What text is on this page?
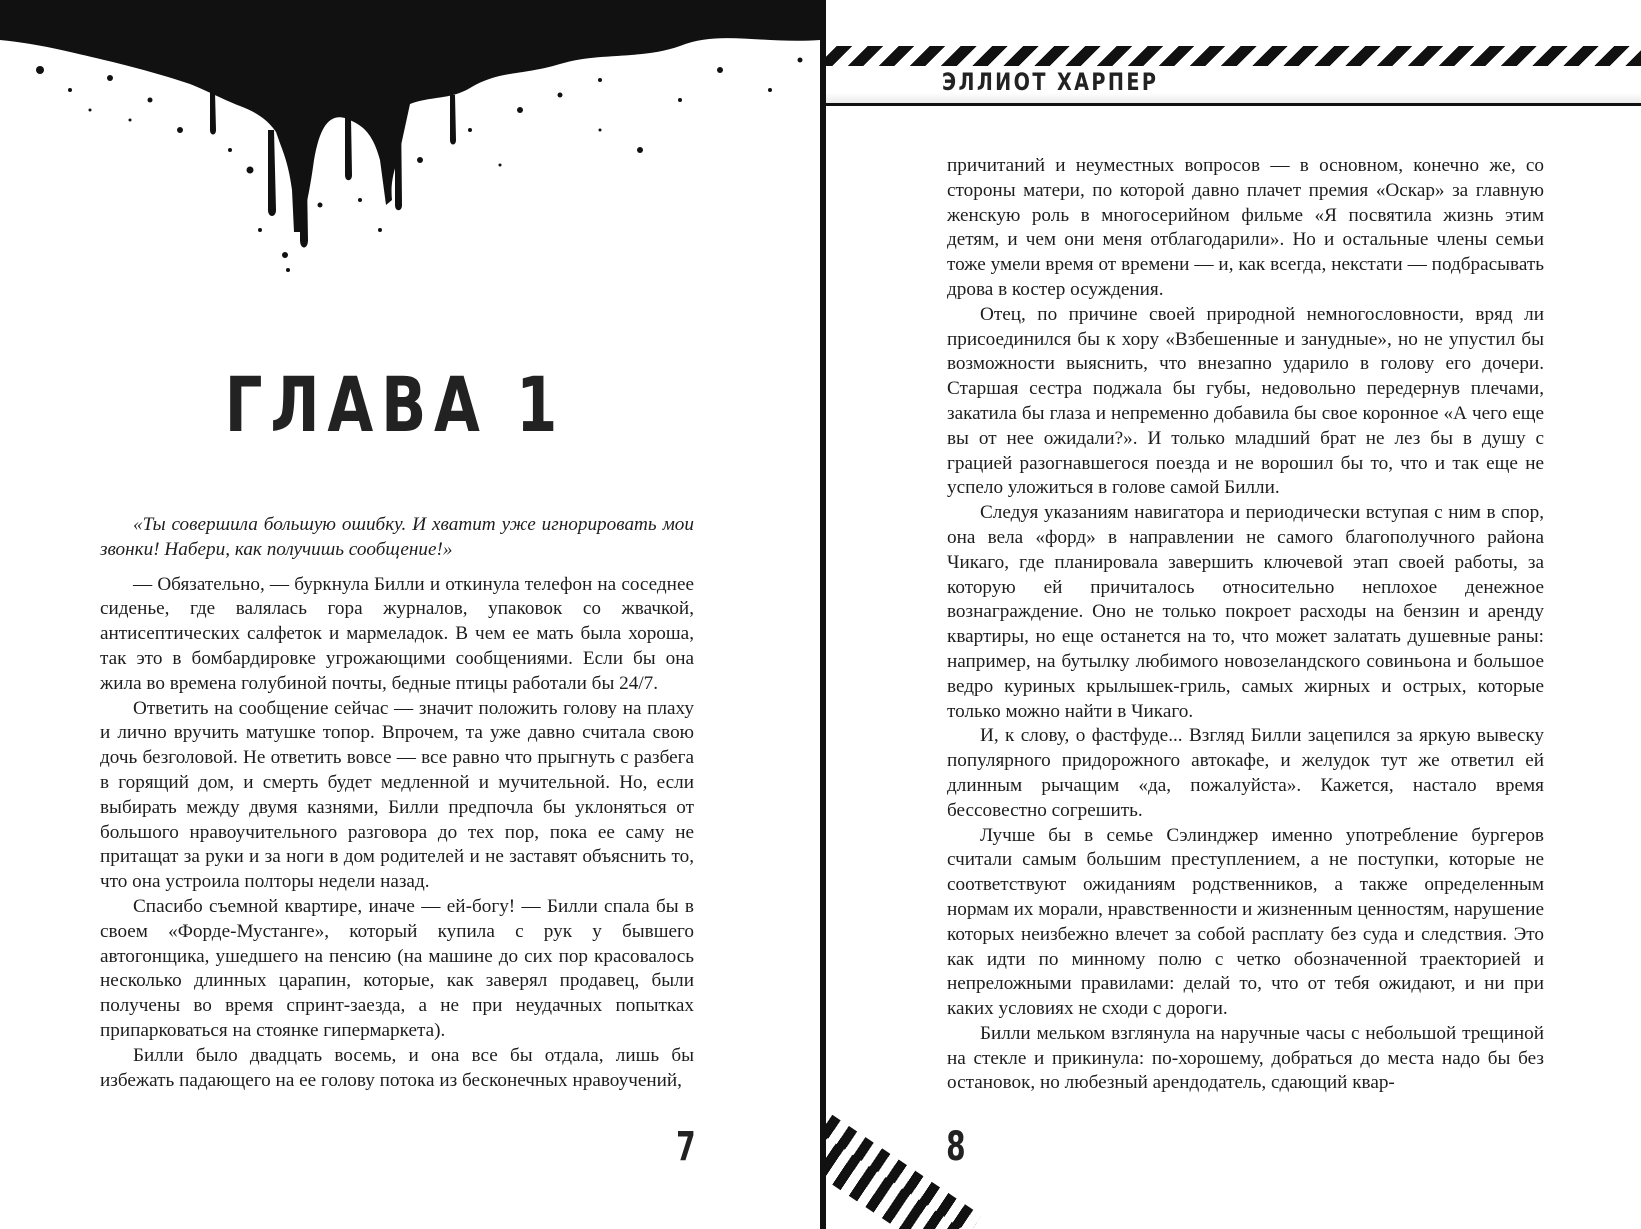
ГЛАВА 1

«Ты совершила большую ошибку. И хватит уже игнорировать мои звонки! Набери, как получишь сообщение!»

— Обязательно, — буркнула Билли и откинула телефон на соседнее сиденье, где валялась гора журналов, упаковок со жвачкой, антисептических салфеток и мармеладок. В чем ее мать была хороша, так это в бомбардировке угрожающими сообщениями. Если бы она жила во времена голубиной почты, бедные птицы работали бы 24/7.

Ответить на сообщение сейчас — значит положить голову на плаху и лично вручить матушке топор. Впрочем, та уже давно считала свою дочь безголовой. Не ответить вовсе — все равно что прыгнуть с разбега в горящий дом, и смерть будет медленной и мучительной. Но, если выбирать между двумя казнями, Билли предпочла бы уклоняться от большого нравоучительного разговора до тех пор, пока ее саму не притащат за руки и за ноги в дом родителей и не заставят объяснить то, что она устроила полторы недели назад.

Спасибо съемной квартире, иначе — ей-богу! — Билли спала бы в своем «Форде-Мустанге», который купила с рук у бывшего автогонщика, ушедшего на пенсию (на машине до сих пор красовалось несколько длинных царапин, которые, как заверял продавец, были получены во время спринт-заезда, а не при неудачных попытках припарковаться на стоянке гипермаркета).

Билли было двадцать восемь, и она все бы отдала, лишь бы избежать падающего на ее голову потока из бесконечных нравоучений,

7
ЭЛЛИОТ ХАРПЕР

причитаний и неуместных вопросов — в основном, конечно же, со стороны матери, по которой давно плачет премия «Оскар» за главную женскую роль в многосерийном фильме «Я посвятила жизнь этим детям, и чем они меня отблагодарили». Но и остальные члены семьи тоже умели время от времени — и, как всегда, некстати — подбрасывать дрова в костер осуждения.

Отец, по причине своей природной немногословности, вряд ли присоединился бы к хору «Взбешенные и занудные», но не упустил бы возможности выяснить, что внезапно ударило в голову его дочери. Старшая сестра поджала бы губы, недовольно передернув плечами, закатила бы глаза и непременно добавила бы свое коронное «А чего еще вы от нее ожидали?». И только младший брат не лез бы в душу с грацией разогнавшегося поезда и не ворошил бы то, что и так еще не успело уложиться в голове самой Билли.

Следуя указаниям навигатора и периодически вступая с ним в спор, она вела «форд» в направлении не самого благополучного района Чикаго, где планировала завершить ключевой этап своей работы, за которую ей причиталось относительно неплохое денежное вознаграждение. Оно не только покроет расходы на бензин и аренду квартиры, но еще останется на то, что может залатать душевные раны: например, на бутылку любимого новозеландского совиньона и большое ведро куриных крылышек-гриль, самых жирных и острых, которые только можно найти в Чикаго.

И, к слову, о фастфуде... Взгляд Билли зацепился за яркую вывеску популярного придорожного автокафе, и желудок тут же ответил ей длинным рычащим «да, пожалуйста». Кажется, настало время бессовестно согрешить.

Лучше бы в семье Сэлинджер именно употребление бургеров считали самым большим преступлением, а не поступки, которые не соответствуют ожиданиям родственников, а также определенным нормам их морали, нравственности и жизненным ценностям, нарушение которых неизбежно влечет за собой расплату без суда и следствия. Это как идти по минному полю с четко обозначенной траекторией и непреложными правилами: делай то, что от тебя ожидают, и ни при каких условиях не сходи с дороги.

Билли мельком взглянула на наручные часы с небольшой трещиной на стекле и прикинула: по-хорошему, добраться до места надо бы без остановок, но любезный арендодатель, сдающий квар-

8
